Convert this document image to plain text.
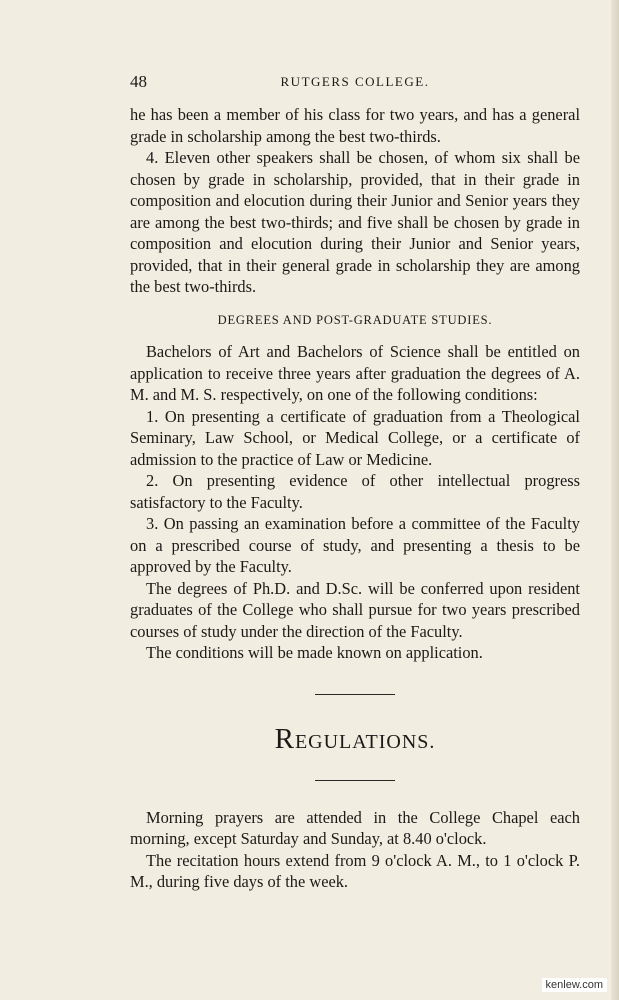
48	RUTGERS COLLEGE.

he has been a member of his class for two years, and has a general grade in scholarship among the best two-thirds.

4. Eleven other speakers shall be chosen, of whom six shall be chosen by grade in scholarship, provided, that in their grade in composition and elocution during their Junior and Senior years they are among the best two-thirds; and five shall be chosen by grade in composition and elocution during their Junior and Senior years, provided, that in their general grade in scholarship they are among the best two-thirds.

DEGREES AND POST-GRADUATE STUDIES.

Bachelors of Art and Bachelors of Science shall be entitled on application to receive three years after graduation the degrees of A. M. and M. S. respectively, on one of the following conditions:

1. On presenting a certificate of graduation from a Theological Seminary, Law School, or Medical College, or a certificate of admission to the practice of Law or Medicine.

2. On presenting evidence of other intellectual progress satisfactory to the Faculty.

3. On passing an examination before a committee of the Faculty on a prescribed course of study, and presenting a thesis to be approved by the Faculty.

The degrees of Ph.D. and D.Sc. will be conferred upon resident graduates of the College who shall pursue for two years prescribed courses of study under the direction of the Faculty.

The conditions will be made known on application.

REGULATIONS.

Morning prayers are attended in the College Chapel each morning, except Saturday and Sunday, at 8.40 o'clock.

The recitation hours extend from 9 o'clock A. M., to 1 o'clock P. M., during five days of the week.

kenlew.com
